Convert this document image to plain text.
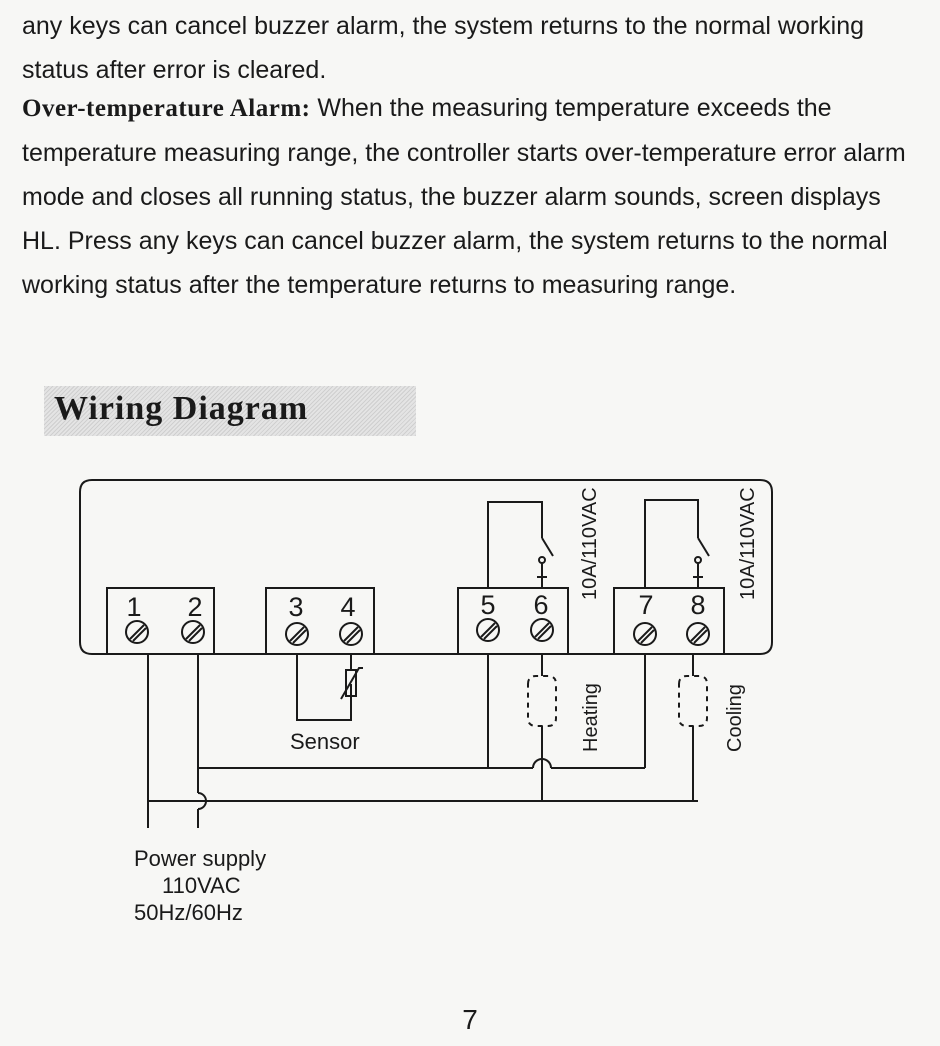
any keys can cancel buzzer alarm, the system returns to the normal working status after error is cleared.

Over-temperature Alarm: When the measuring temperature exceeds the temperature measuring range, the controller starts over-temperature error alarm mode and closes all running status, the buzzer alarm sounds, screen displays HL. Press any keys can cancel buzzer alarm, the system returns to the normal working status after the temperature returns to measuring range.

Wiring Diagram
1 2	3 4	5 6	7 8
10A/110VAC	10A/110VAC
Heating	Cooling
Sensor
Power supply
110VAC
50Hz/60Hz
7
